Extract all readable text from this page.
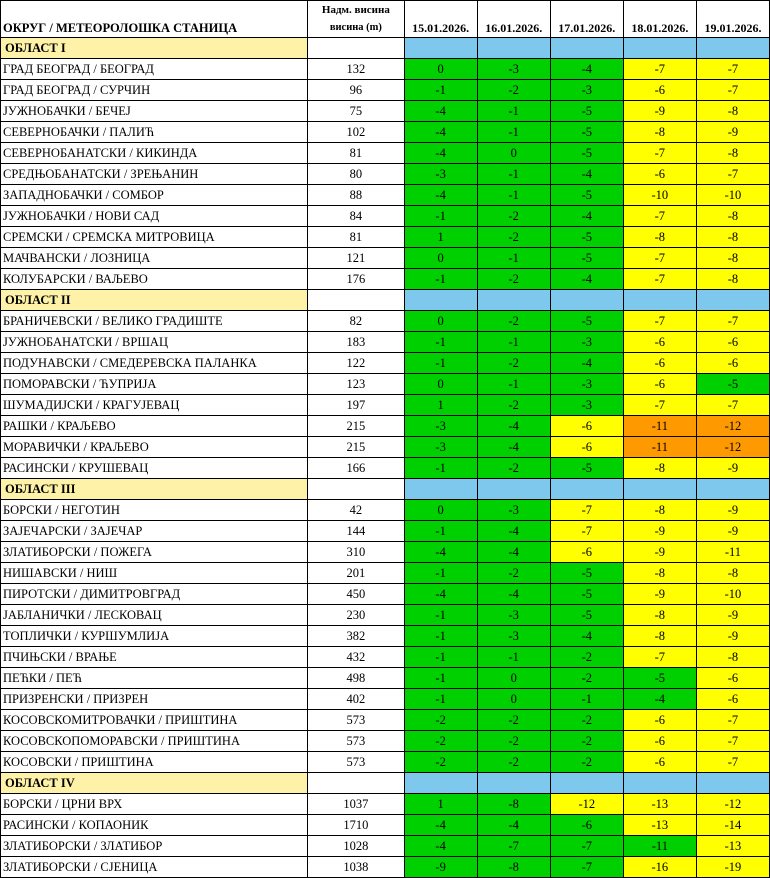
ОКРУГ / МЕТЕОРОЛОШКА СТАНИЦА	Надм. висина
висина (m)	15.01.2026.	16.01.2026.	17.01.2026.	18.01.2026.	19.01.2026.
ОБЛАСТ I						
ГРАД БЕОГРАД / БЕОГРАД	132	0	-3	-4	-7	-7
ГРАД БЕОГРАД / СУРЧИН	96	-1	-2	-3	-6	-7
ЈУЖНОБАЧКИ / БЕЧЕЈ	75	-4	-1	-5	-9	-8
СЕВЕРНОБАЧКИ / ПАЛИЋ	102	-4	-1	-5	-8	-9
СЕВЕРНОБАНАТСКИ / КИКИНДА	81	-4	0	-5	-7	-8
СРЕДЊОБАНАТСКИ / ЗРЕЊАНИН	80	-3	-1	-4	-6	-7
ЗАПАДНОБАЧКИ / СОМБОР	88	-4	-1	-5	-10	-10
ЈУЖНОБАЧКИ / НОВИ САД	84	-1	-2	-4	-7	-8
СРЕМСКИ / СРЕМСКА МИТРОВИЦА	81	1	-2	-5	-8	-8
МАЧВАНСКИ / ЛОЗНИЦА	121	0	-1	-5	-7	-8
КОЛУБАРСКИ / ВАЉЕВО	176	-1	-2	-4	-7	-8
ОБЛАСТ II						
БРАНИЧЕВСКИ / ВЕЛИКО ГРАДИШТЕ	82	0	-2	-5	-7	-7
ЈУЖНОБАНАТСКИ / ВРШАЦ	183	-1	-1	-3	-6	-6
ПОДУНАВСКИ / СМЕДЕРЕВСКА ПАЛАНКА	122	-1	-2	-4	-6	-6
ПОМОРАВСКИ / ЋУПРИЈА	123	0	-1	-3	-6	-5
ШУМАДИЈСКИ / КРАГУЈЕВАЦ	197	1	-2	-3	-7	-7
РАШКИ / КРАЉЕВО	215	-3	-4	-6	-11	-12
МОРАВИЧКИ / КРАЉЕВО	215	-3	-4	-6	-11	-12
РАСИНСКИ / КРУШЕВАЦ	166	-1	-2	-5	-8	-9
ОБЛАСТ III						
БОРСКИ / НЕГОТИН	42	0	-3	-7	-8	-9
ЗАЈЕЧАРСКИ / ЗАЈЕЧАР	144	-1	-4	-7	-9	-9
ЗЛАТИБОРСКИ / ПОЖЕГА	310	-4	-4	-6	-9	-11
НИШАВСКИ / НИШ	201	-1	-2	-5	-8	-8
ПИРОТСКИ / ДИМИТРОВГРАД	450	-4	-4	-5	-9	-10
ЈАБЛАНИЧКИ / ЛЕСКОВАЦ	230	-1	-3	-5	-8	-9
ТОПЛИЧКИ / КУРШУМЛИЈА	382	-1	-3	-4	-8	-9
ПЧИЊСКИ / ВРАЊЕ	432	-1	-1	-2	-7	-8
ПЕЋКИ / ПЕЋ	498	-1	0	-2	-5	-6
ПРИЗРЕНСКИ / ПРИЗРЕН	402	-1	0	-1	-4	-6
КОСОВСКОМИТРОВАЧКИ / ПРИШТИНА	573	-2	-2	-2	-6	-7
КОСОВСКОПОМОРАВСКИ / ПРИШТИНА	573	-2	-2	-2	-6	-7
КОСОВСКИ / ПРИШТИНА	573	-2	-2	-2	-6	-7
ОБЛАСТ IV						
БОРСКИ / ЦРНИ ВРХ	1037	1	-8	-12	-13	-12
РАСИНСКИ / КОПАОНИК	1710	-4	-4	-6	-13	-14
ЗЛАТИБОРСКИ / ЗЛАТИБОР	1028	-4	-7	-7	-11	-13
ЗЛАТИБОРСКИ / СЈЕНИЦА	1038	-9	-8	-7	-16	-19
